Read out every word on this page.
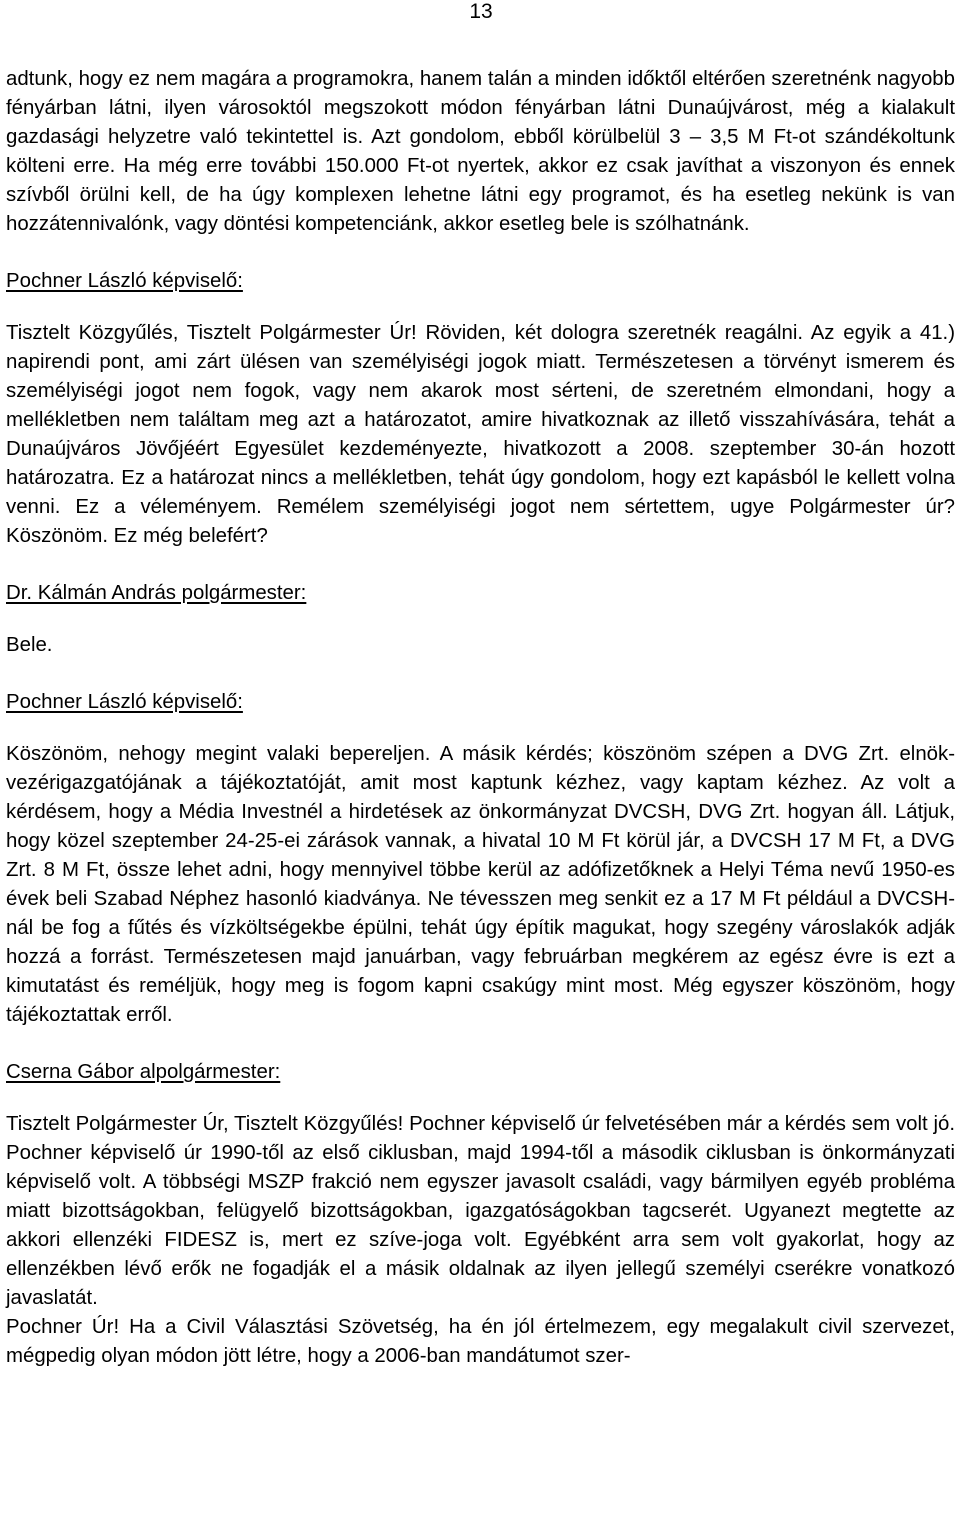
13

adtunk, hogy ez nem magára a programokra, hanem talán a minden időktől eltérően szeretnénk nagyobb fényárban látni, ilyen városoktól megszokott módon fényárban látni Dunaújvárost, még a kialakult gazdasági helyzetre való tekintettel is. Azt gondolom, ebből körülbelül 3 – 3,5 M Ft-ot szándékoltunk költeni erre. Ha még erre további 150.000 Ft-ot nyertek, akkor ez csak javíthat a viszonyon és ennek szívből örülni kell, de ha úgy komplexen lehetne látni egy programot, és ha esetleg nekünk is van hozzátennivalónk, vagy döntési kompetenciánk, akkor esetleg bele is szólhatnánk.

Pochner László képviselő:

Tisztelt Közgyűlés, Tisztelt Polgármester Úr! Röviden, két dologra szeretnék reagálni. Az egyik a 41.) napirendi pont, ami zárt ülésen van személyiségi jogok miatt. Természetesen a törvényt ismerem és személyiségi jogot nem fogok, vagy nem akarok most sérteni, de szeretném elmondani, hogy a mellékletben nem találtam meg azt a határozatot, amire hivatkoznak az illető visszahívására, tehát a Dunaújváros Jövőjéért Egyesület kezdeményezte, hivatkozott a 2008. szeptember 30-án hozott határozatra. Ez a határozat nincs a mellékletben, tehát úgy gondolom, hogy ezt kapásból le kellett volna venni. Ez a véleményem. Remélem személyiségi jogot nem sértettem, ugye Polgármester úr? Köszönöm. Ez még belefért?

Dr. Kálmán András polgármester:

Bele.

Pochner László képviselő:

Köszönöm, nehogy megint valaki bepereljen. A másik kérdés; köszönöm szépen a DVG Zrt. elnök-vezérigazgatójának a tájékoztatóját, amit most kaptunk kézhez, vagy kaptam kézhez. Az volt a kérdésem, hogy a Média Investnél a hirdetések az önkormányzat DVCSH, DVG Zrt. hogyan áll. Látjuk, hogy közel szeptember 24-25-ei zárások vannak, a hivatal 10 M Ft körül jár, a DVCSH 17 M Ft, a DVG Zrt. 8 M Ft, össze lehet adni, hogy mennyivel többe kerül az adófizetőknek a Helyi Téma nevű 1950-es évek beli Szabad Néphez hasonló kiadványa. Ne tévesszen meg senkit ez a 17 M Ft például a DVCSH-nál be fog a fűtés és vízköltségekbe épülni, tehát úgy építik magukat, hogy szegény városlakók adják hozzá a forrást. Természetesen majd januárban, vagy februárban megkérem az egész évre is ezt a kimutatást és reméljük, hogy meg is fogom kapni csakúgy mint most. Még egyszer köszönöm, hogy tájékoztattak erről.

Cserna Gábor alpolgármester:

Tisztelt Polgármester Úr, Tisztelt Közgyűlés! Pochner képviselő úr felvetésében már a kérdés sem volt jó. Pochner képviselő úr 1990-től az első ciklusban, majd 1994-től a második ciklusban is önkormányzati képviselő volt. A többségi MSZP frakció nem egyszer javasolt családi, vagy bármilyen egyéb probléma miatt bizottságokban, felügyelő bizottságokban, igazgatóságokban tagcserét. Ugyanezt megtette az akkori ellenzéki FIDESZ is, mert ez szíve-joga volt. Egyébként arra sem volt gyakorlat, hogy az ellenzékben lévő erők ne fogadják el a másik oldalnak az ilyen jellegű személyi cserékre vonatkozó javaslatát.

Pochner Úr! Ha a Civil Választási Szövetség, ha én jól értelmezem, egy megalakult civil szervezet, mégpedig olyan módon jött létre, hogy a 2006-ban mandátumot szer-
